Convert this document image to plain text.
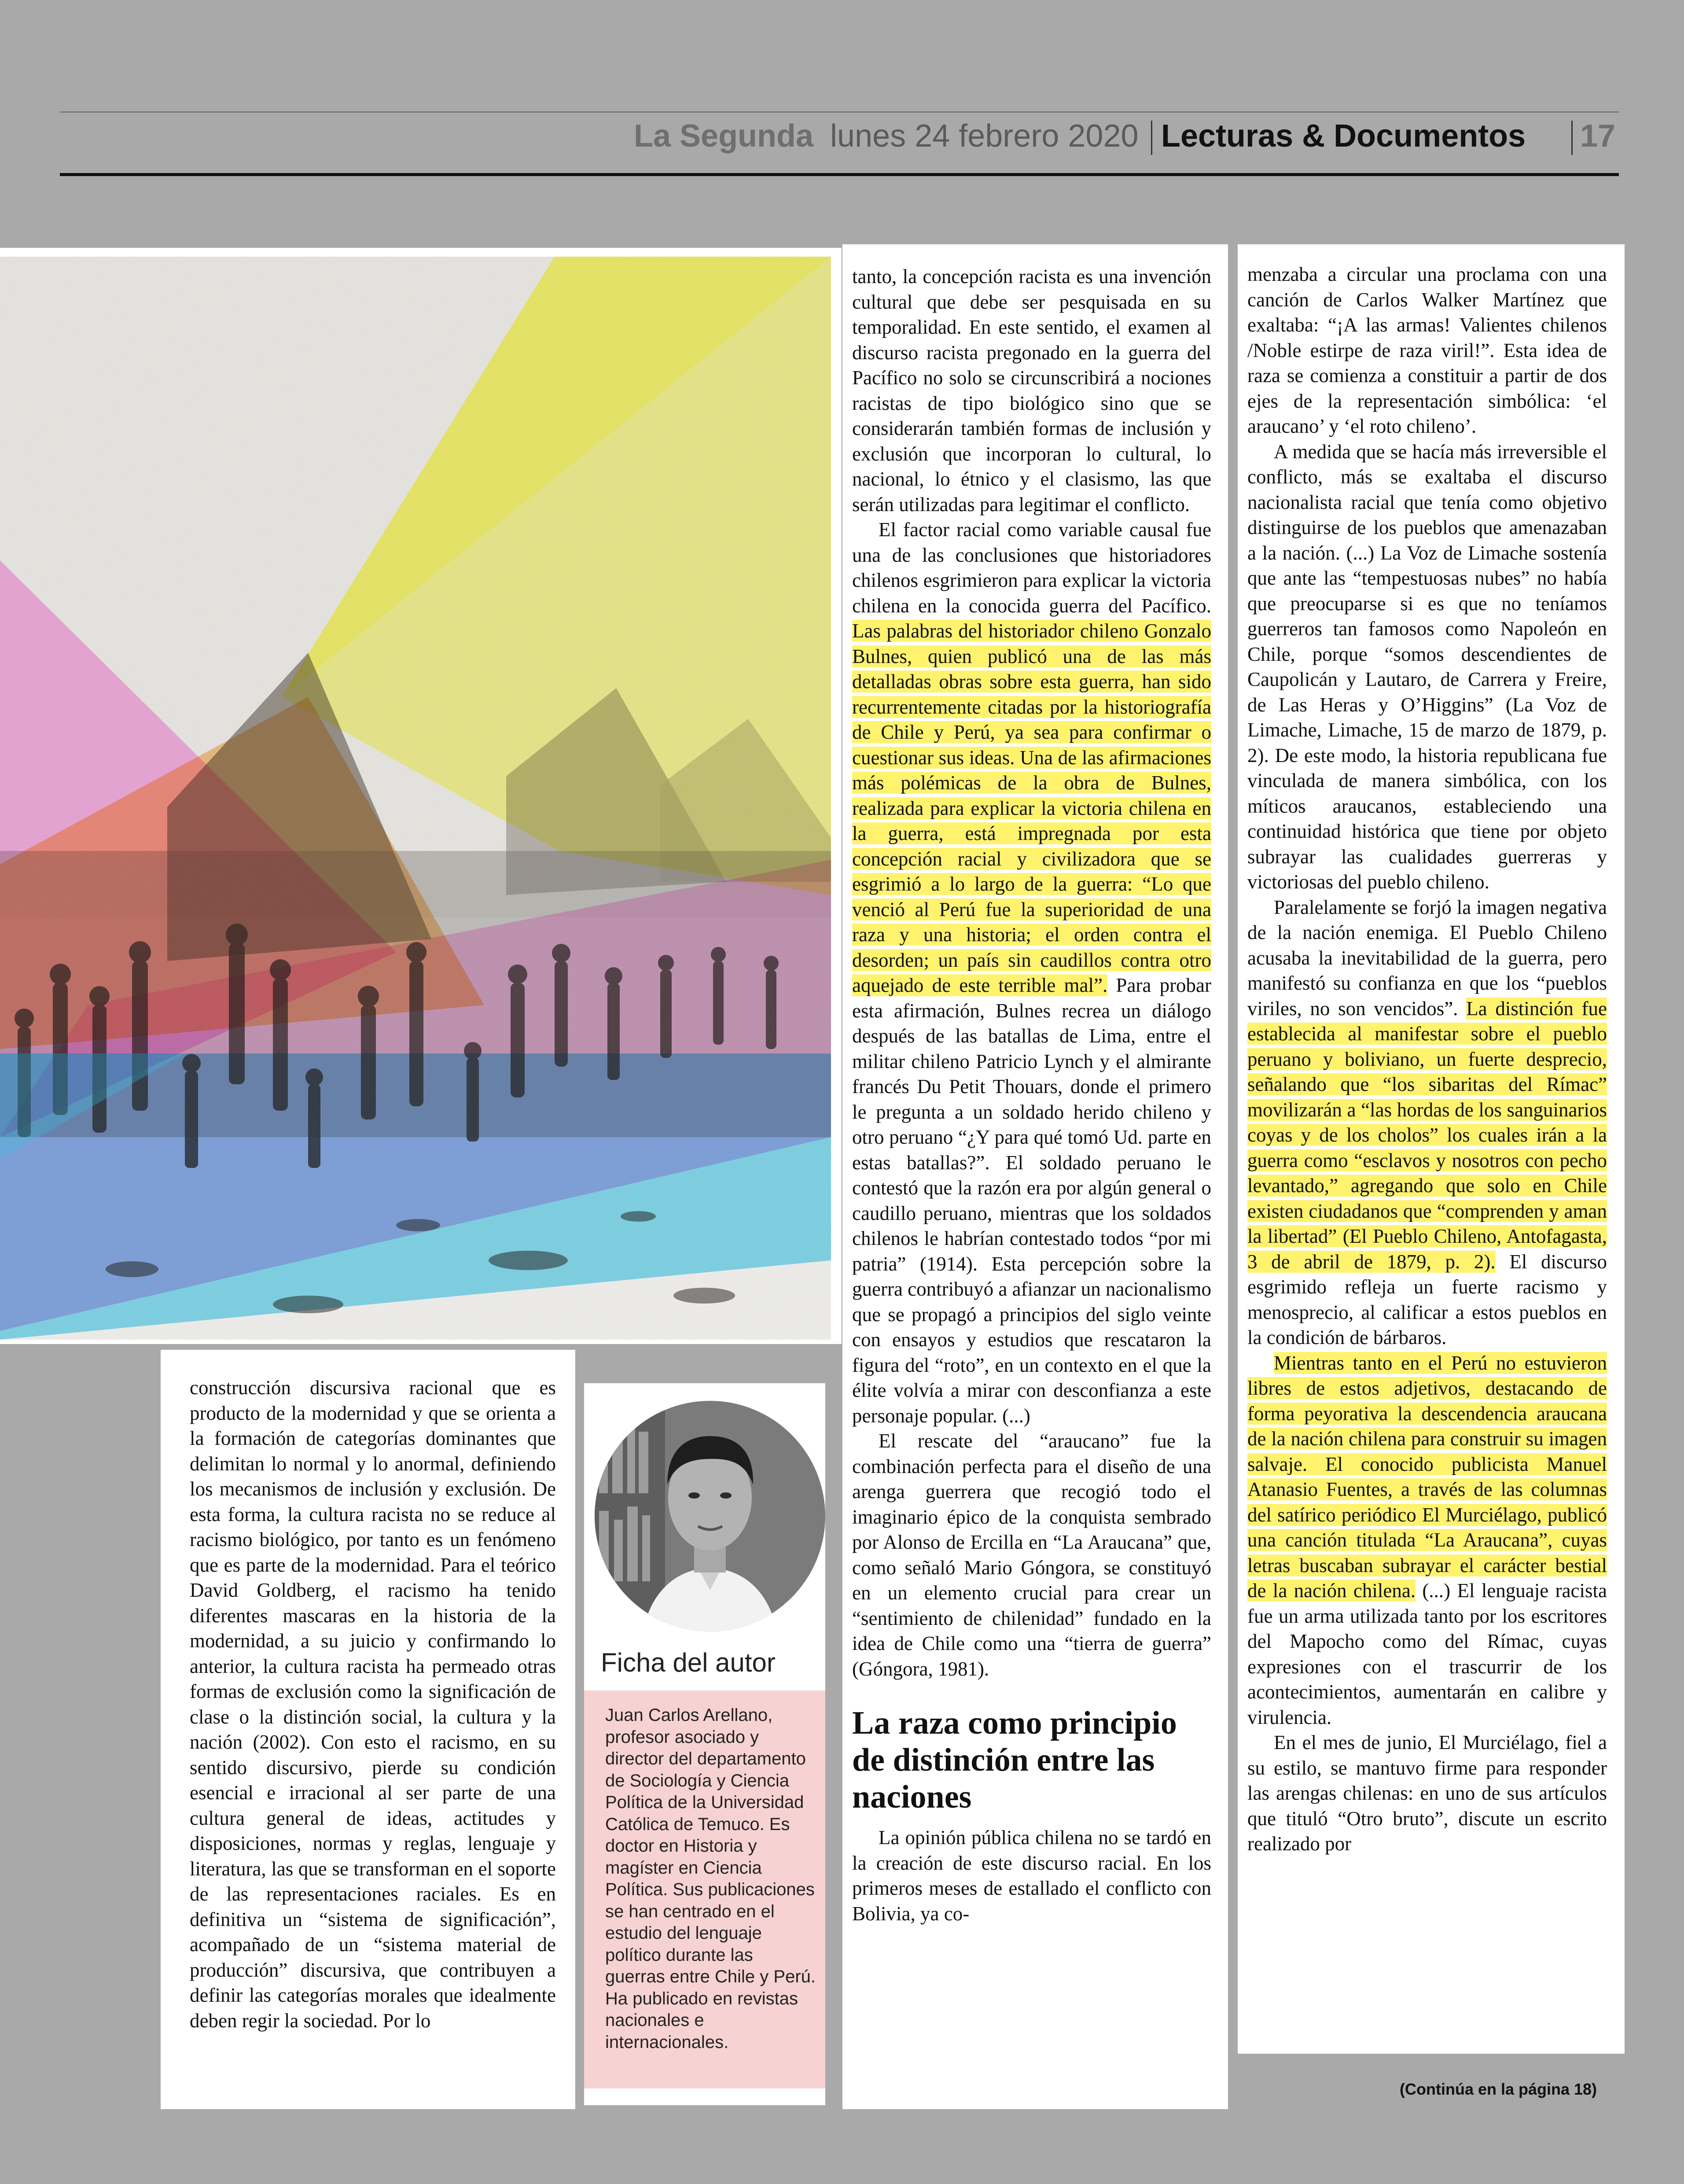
La Segunda lunes 24 febrero 2020 Lecturas & Documentos 17

construcción discursiva racional que es producto de la modernidad y que se orienta a la formación de categorías dominantes que delimitan lo normal y lo anormal, definiendo los mecanismos de inclusión y exclusión. De esta forma, la cultura racista no se reduce al racismo biológico, por tanto es un fenómeno que es parte de la modernidad. Para el teórico David Goldberg, el racismo ha tenido diferentes mascaras en la historia de la modernidad, a su juicio y confirmando lo anterior, la cultura racista ha permeado otras formas de exclusión como la significación de clase o la distinción social, la cultura y la nación (2002). Con esto el racismo, en su sentido discursivo, pierde su condición esencial e irracional al ser parte de una cultura general de ideas, actitudes y disposiciones, normas y reglas, lenguaje y literatura, las que se transforman en el soporte de las representaciones raciales. Es en definitiva un “sistema de significación”, acompañado de un “sistema material de producción” discursiva, que contribuyen a definir las categorías morales que idealmente deben regir la sociedad. Por lo

Ficha del autor
Juan Carlos Arellano, profesor asociado y director del departamento de Sociología y Ciencia Política de la Universidad Católica de Temuco. Es doctor en Historia y magíster en Ciencia Política. Sus publicaciones se han centrado en el estudio del lenguaje político durante las guerras entre Chile y Perú. Ha publicado en revistas nacionales e internacionales.

tanto, la concepción racista es una invención cultural que debe ser pesquisada en su temporalidad. En este sentido, el examen al discurso racista pregonado en la guerra del Pacífico no solo se circunscribirá a nociones racistas de tipo biológico sino que se considerarán también formas de inclusión y exclusión que incorporan lo cultural, lo nacional, lo étnico y el clasismo, las que serán utilizadas para legitimar el conflicto.

El factor racial como variable causal fue una de las conclusiones que historiadores chilenos esgrimieron para explicar la victoria chilena en la conocida guerra del Pacífico. Las palabras del historiador chileno Gonzalo Bulnes, quien publicó una de las más detalladas obras sobre esta guerra, han sido recurrentemente citadas por la historiografía de Chile y Perú, ya sea para confirmar o cuestionar sus ideas. Una de las afirmaciones más polémicas de la obra de Bulnes, realizada para explicar la victoria chilena en la guerra, está impregnada por esta concepción racial y civilizadora que se esgrimió a lo largo de la guerra: “Lo que venció al Perú fue la superioridad de una raza y una historia; el orden contra el desorden; un país sin caudillos contra otro aquejado de este terrible mal”. Para probar esta afirmación, Bulnes recrea un diálogo después de las batallas de Lima, entre el militar chileno Patricio Lynch y el almirante francés Du Petit Thouars, donde el primero le pregunta a un soldado herido chileno y otro peruano “¿Y para qué tomó Ud. parte en estas batallas?”. El soldado peruano le contestó que la razón era por algún general o caudillo peruano, mientras que los soldados chilenos le habrían contestado todos “por mi patria” (1914). Esta percepción sobre la guerra contribuyó a afianzar un nacionalismo que se propagó a principios del siglo veinte con ensayos y estudios que rescataron la figura del “roto”, en un contexto en el que la élite volvía a mirar con desconfianza a este personaje popular. (...)

El rescate del “araucano” fue la combinación perfecta para el diseño de una arenga guerrera que recogió todo el imaginario épico de la conquista sembrado por Alonso de Ercilla en “La Araucana” que, como señaló Mario Góngora, se constituyó en un elemento crucial para crear un “sentimiento de chilenidad” fundado en la idea de Chile como una “tierra de guerra” (Góngora, 1981).

La raza como principio de distinción entre las naciones

La opinión pública chilena no se tardó en la creación de este discurso racial. En los primeros meses de estallado el conflicto con Bolivia, ya co-

menzaba a circular una proclama con una canción de Carlos Walker Martínez que exaltaba: “¡A las armas! Valientes chilenos /Noble estirpe de raza viril!”. Esta idea de raza se comienza a constituir a partir de dos ejes de la representación simbólica: ‘el araucano’ y ‘el roto chileno’.

A medida que se hacía más irreversible el conflicto, más se exaltaba el discurso nacionalista racial que tenía como objetivo distinguirse de los pueblos que amenazaban a la nación. (...) La Voz de Limache sostenía que ante las “tempestuosas nubes” no había que preocuparse si es que no teníamos guerreros tan famosos como Napoleón en Chile, porque “somos descendientes de Caupolicán y Lautaro, de Carrera y Freire, de Las Heras y O’Higgins” (La Voz de Limache, Limache, 15 de marzo de 1879, p. 2). De este modo, la historia republicana fue vinculada de manera simbólica, con los míticos araucanos, estableciendo una continuidad histórica que tiene por objeto subrayar las cualidades guerreras y victoriosas del pueblo chileno.

Paralelamente se forjó la imagen negativa de la nación enemiga. El Pueblo Chileno acusaba la inevitabilidad de la guerra, pero manifestó su confianza en que los “pueblos viriles, no son vencidos”. La distinción fue establecida al manifestar sobre el pueblo peruano y boliviano, un fuerte desprecio, señalando que “los sibaritas del Rímac” movilizarán a “las hordas de los sanguinarios coyas y de los cholos” los cuales irán a la guerra como “esclavos y nosotros con pecho levantado,” agregando que solo en Chile existen ciudadanos que “comprenden y aman la libertad” (El Pueblo Chileno, Antofagasta, 3 de abril de 1879, p. 2). El discurso esgrimido refleja un fuerte racismo y menosprecio, al calificar a estos pueblos en la condición de bárbaros.

Mientras tanto en el Perú no estuvieron libres de estos adjetivos, destacando de forma peyorativa la descendencia araucana de la nación chilena para construir su imagen salvaje. El conocido publicista Manuel Atanasio Fuentes, a través de las columnas del satírico periódico El Murciélago, publicó una canción titulada “La Araucana”, cuyas letras buscaban subrayar el carácter bestial de la nación chilena. (...) El lenguaje racista fue un arma utilizada tanto por los escritores del Mapocho como del Rímac, cuyas expresiones con el trascurrir de los acontecimientos, aumentarán en calibre y virulencia.

En el mes de junio, El Murciélago, fiel a su estilo, se mantuvo firme para responder las arengas chilenas: en uno de sus artículos que tituló “Otro bruto”, discute un escrito realizado por

(Continúa en la página 18)
